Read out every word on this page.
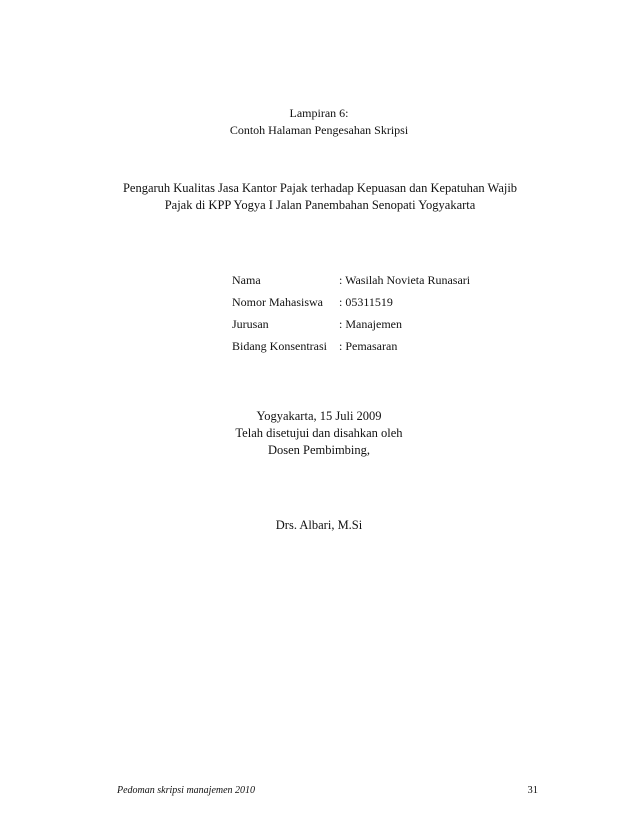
Lampiran 6:
Contoh Halaman Pengesahan Skripsi
Pengaruh Kualitas Jasa Kantor Pajak terhadap Kepuasan dan Kepatuhan Wajib
Pajak di KPP Yogya I Jalan Panembahan Senopati Yogyakarta
Nama	: Wasilah Novieta Runasari
Nomor Mahasiswa	: 05311519
Jurusan	: Manajemen
Bidang Konsentrasi	: Pemasaran
Yogyakarta, 15 Juli 2009
Telah disetujui dan disahkan oleh
Dosen Pembimbing,
Drs. Albari, M.Si
Pedoman skripsi manajemen 2010	31
